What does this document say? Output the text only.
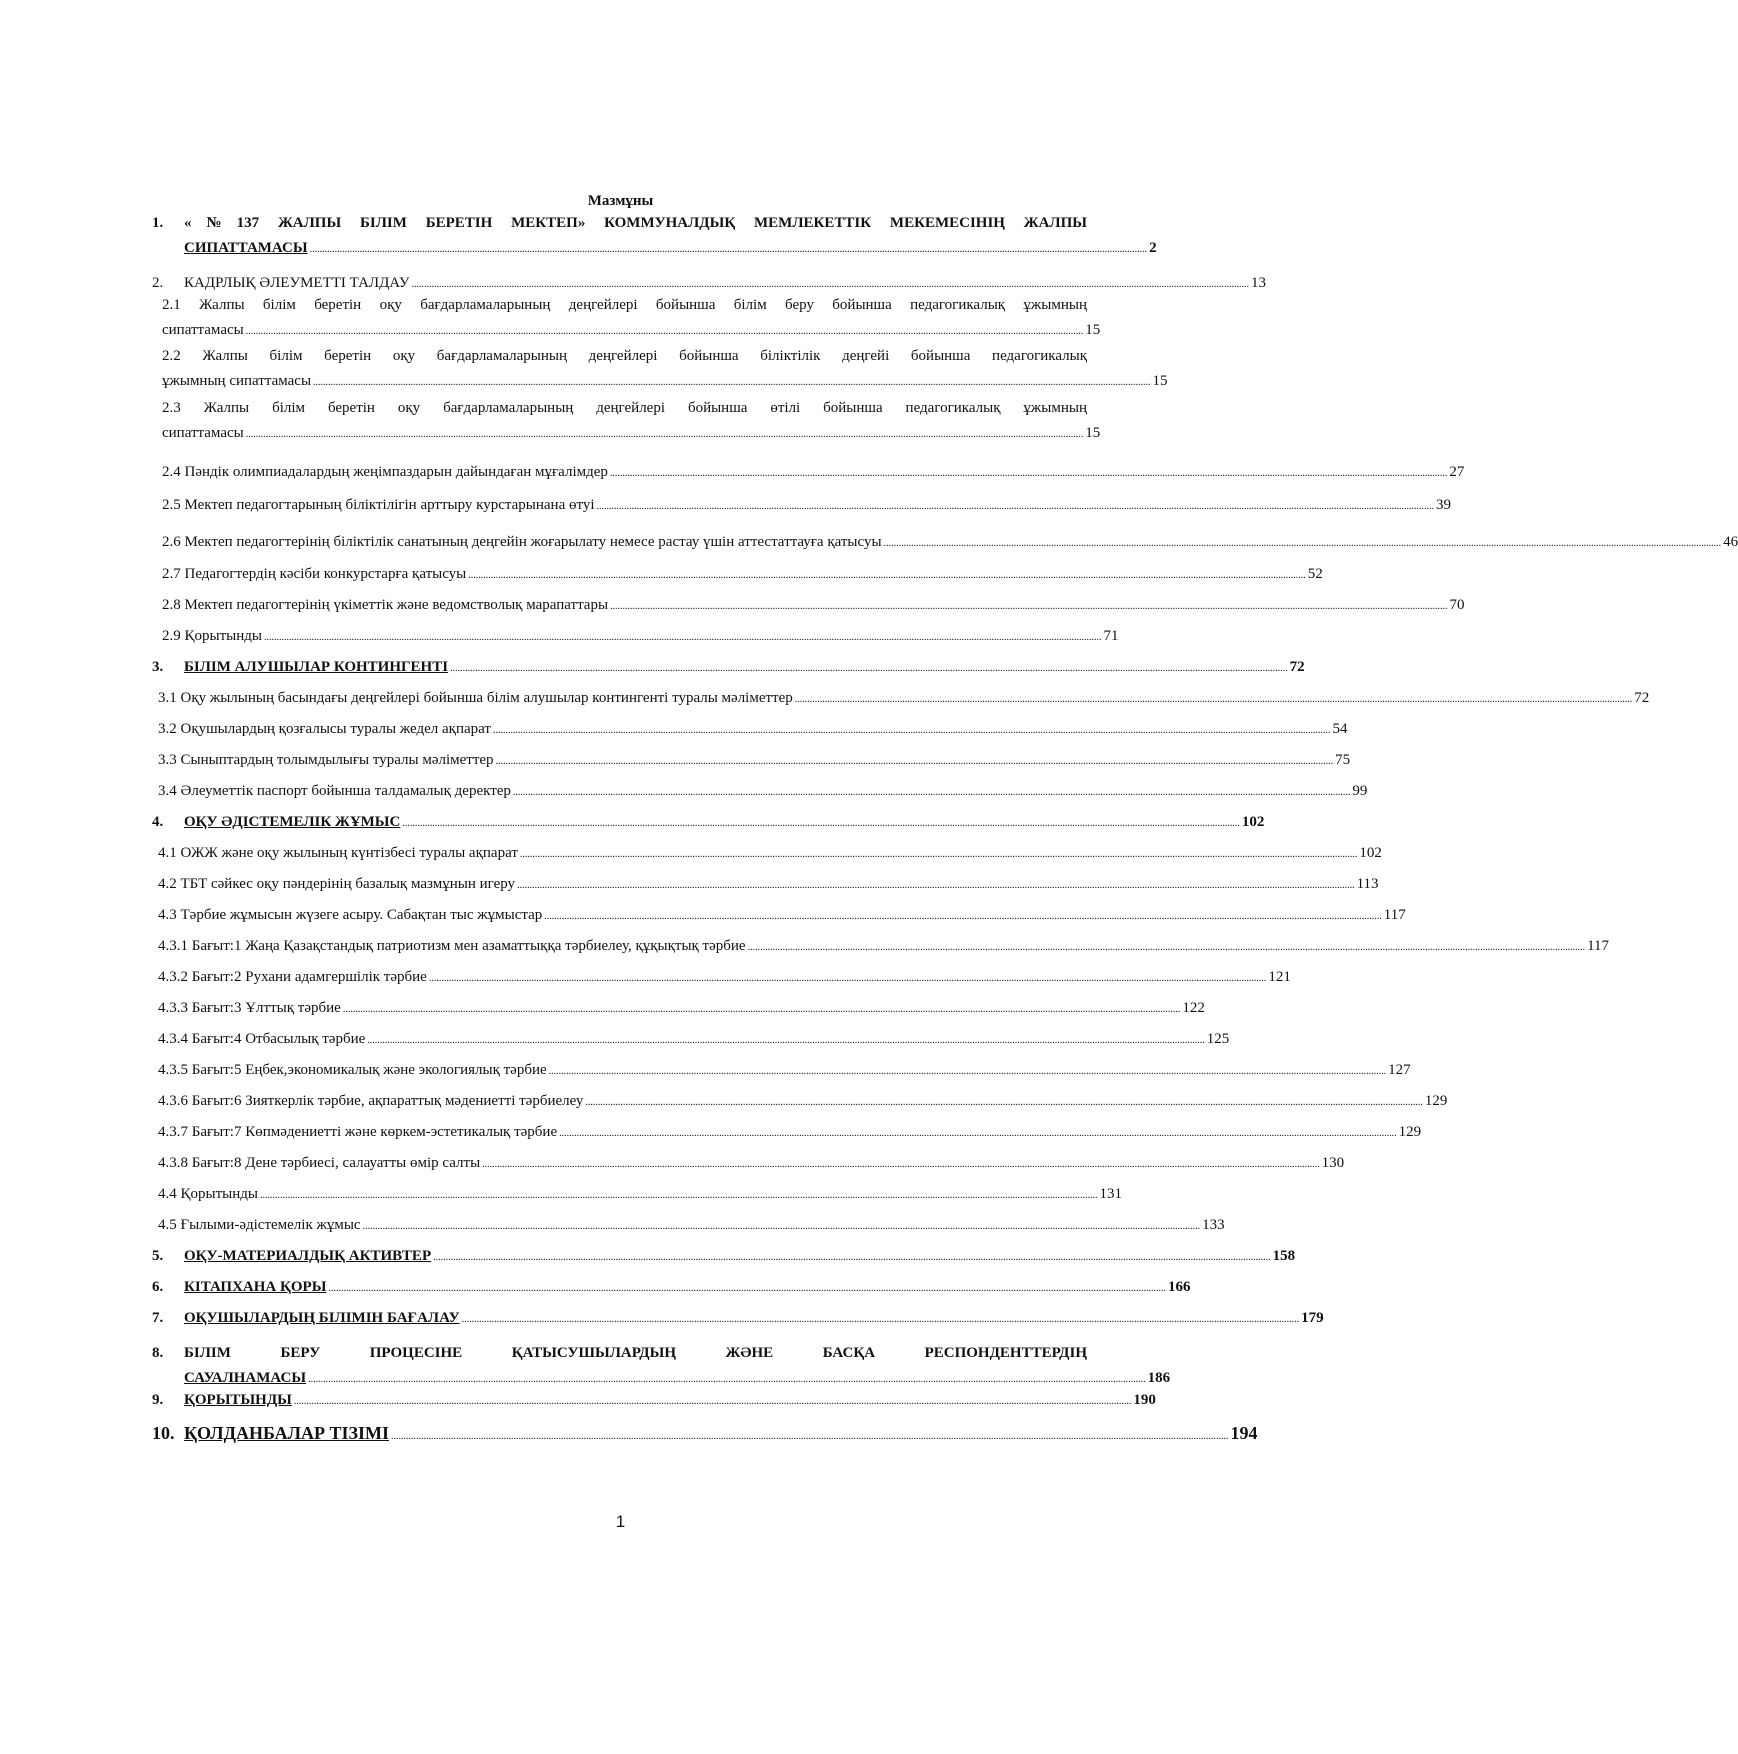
Мазмұны
1. «№137 ЖАЛПЫ БІЛІМ БЕРЕТІН МЕКТЕП» КОММУНАЛДЫҚ МЕМЛЕКЕТТІК МЕКЕМЕСІНІҢ ЖАЛПЫ
СИПАТТАМАСЫ .....	2
2. КАДРЛЫҚ ӘЛЕУМЕТТІ ТАЛДАУ .....	13
2.1 Жалпы білім беретін оқу бағдарламаларының деңгейлері бойынша білім беру бойынша педагогикалық ұжымның
сипаттамасы .....	15
2.2 Жалпы білім беретін оқу бағдарламаларының деңгейлері бойынша біліктілік деңгейі бойынша педагогикалық
ұжымның сипаттамасы .....	15
2.3 Жалпы білім беретін оқу бағдарламаларының деңгейлері бойынша өтілі бойынша педагогикалық ұжымның
сипаттамасы .....	15
2.4 Пәндік олимпиадалардың жеңімпаздарын дайындаған мұғалімдер .....	27
2.5 Мектеп педагогтарының біліктілігін арттыру курстарынана өтуі .....	39
2.6 Мектеп педагогтерінің біліктілік санатының деңгейін жоғарылату немесе растау үшін аттестаттауға қатысуы .....	46
2.7 Педагогтердің кәсіби конкурстарға қатысуы .....	52
2.8 Мектеп педагогтерінің үкіметтік және ведомстволық марапаттары .....	70
2.9 Қорытынды .....	71
3. БІЛІМ АЛУШЫЛАР КОНТИНГЕНТІ .....	72
3.1 Оқу жылының басындағы деңгейлері бойынша білім алушылар контингенті туралы мәліметтер .....	72
3.2 Оқушылардың қозғалысы туралы жедел ақпарат .....	54
3.3 Сыныптардың толымдылығы туралы мәліметтер .....	75
3.4 Әлеуметтік паспорт бойынша талдамалық деректер .....	99
4. ОҚУ ӘДІСТЕМЕЛІК ЖҰМЫС .....	102
4.1 ОЖЖ және оқу жылының күнтізбесі туралы ақпарат .....	102
4.2 ТБТ сәйкес оқу пәндерінің базалық мазмұнын игеру .....	113
4.3 Тәрбие жұмысын жүзеге асыру. Сабақтан тыс жұмыстар .....	117
4.3.1 Бағыт:1 Жаңа Қазақстандық патриотизм мен азаматтыққа тәрбиелеу, құқықтық тәрбие .....	117
4.3.2 Бағыт:2 Рухани адамгершілік тәрбие .....	121
4.3.3 Бағыт:3 Ұлттық тәрбие .....	122
4.3.4 Бағыт:4 Отбасылық тәрбие .....	125
4.3.5 Бағыт:5 Еңбек,экономикалық және экологиялық тәрбие .....	127
4.3.6 Бағыт:6 Зияткерлік тәрбие, ақпараттық мәдениетті тәрбиелеу .....	129
4.3.7 Бағыт:7 Көпмәдениетті және көркем-эстетикалық тәрбие .....	129
4.3.8 Бағыт:8 Дене тәрбиесі, салауатты өмір салты .....	130
4.4 Қорытынды .....	131
4.5 Ғылыми-әдістемелік жұмыс .....	133
5. ОҚУ-МАТЕРИАЛДЫҚ АКТИВТЕР .....	158
6. КІТАПХАНА ҚОРЫ .....	166
7. ОҚУШЫЛАРДЫҢ БІЛІМІН БАҒАЛАУ .....	179
8. БІЛІМ БЕРУ ПРОЦЕСІНЕ ҚАТЫСУШЫЛАРДЫҢ ЖӘНЕ БАСҚА РЕСПОНДЕНТТЕРДІҢ
САУАЛНАМАСЫ .....	186
9. ҚОРЫТЫНДЫ .....	190
10. ҚОЛДАНБАЛАР ТІЗІМІ .....	194
1
